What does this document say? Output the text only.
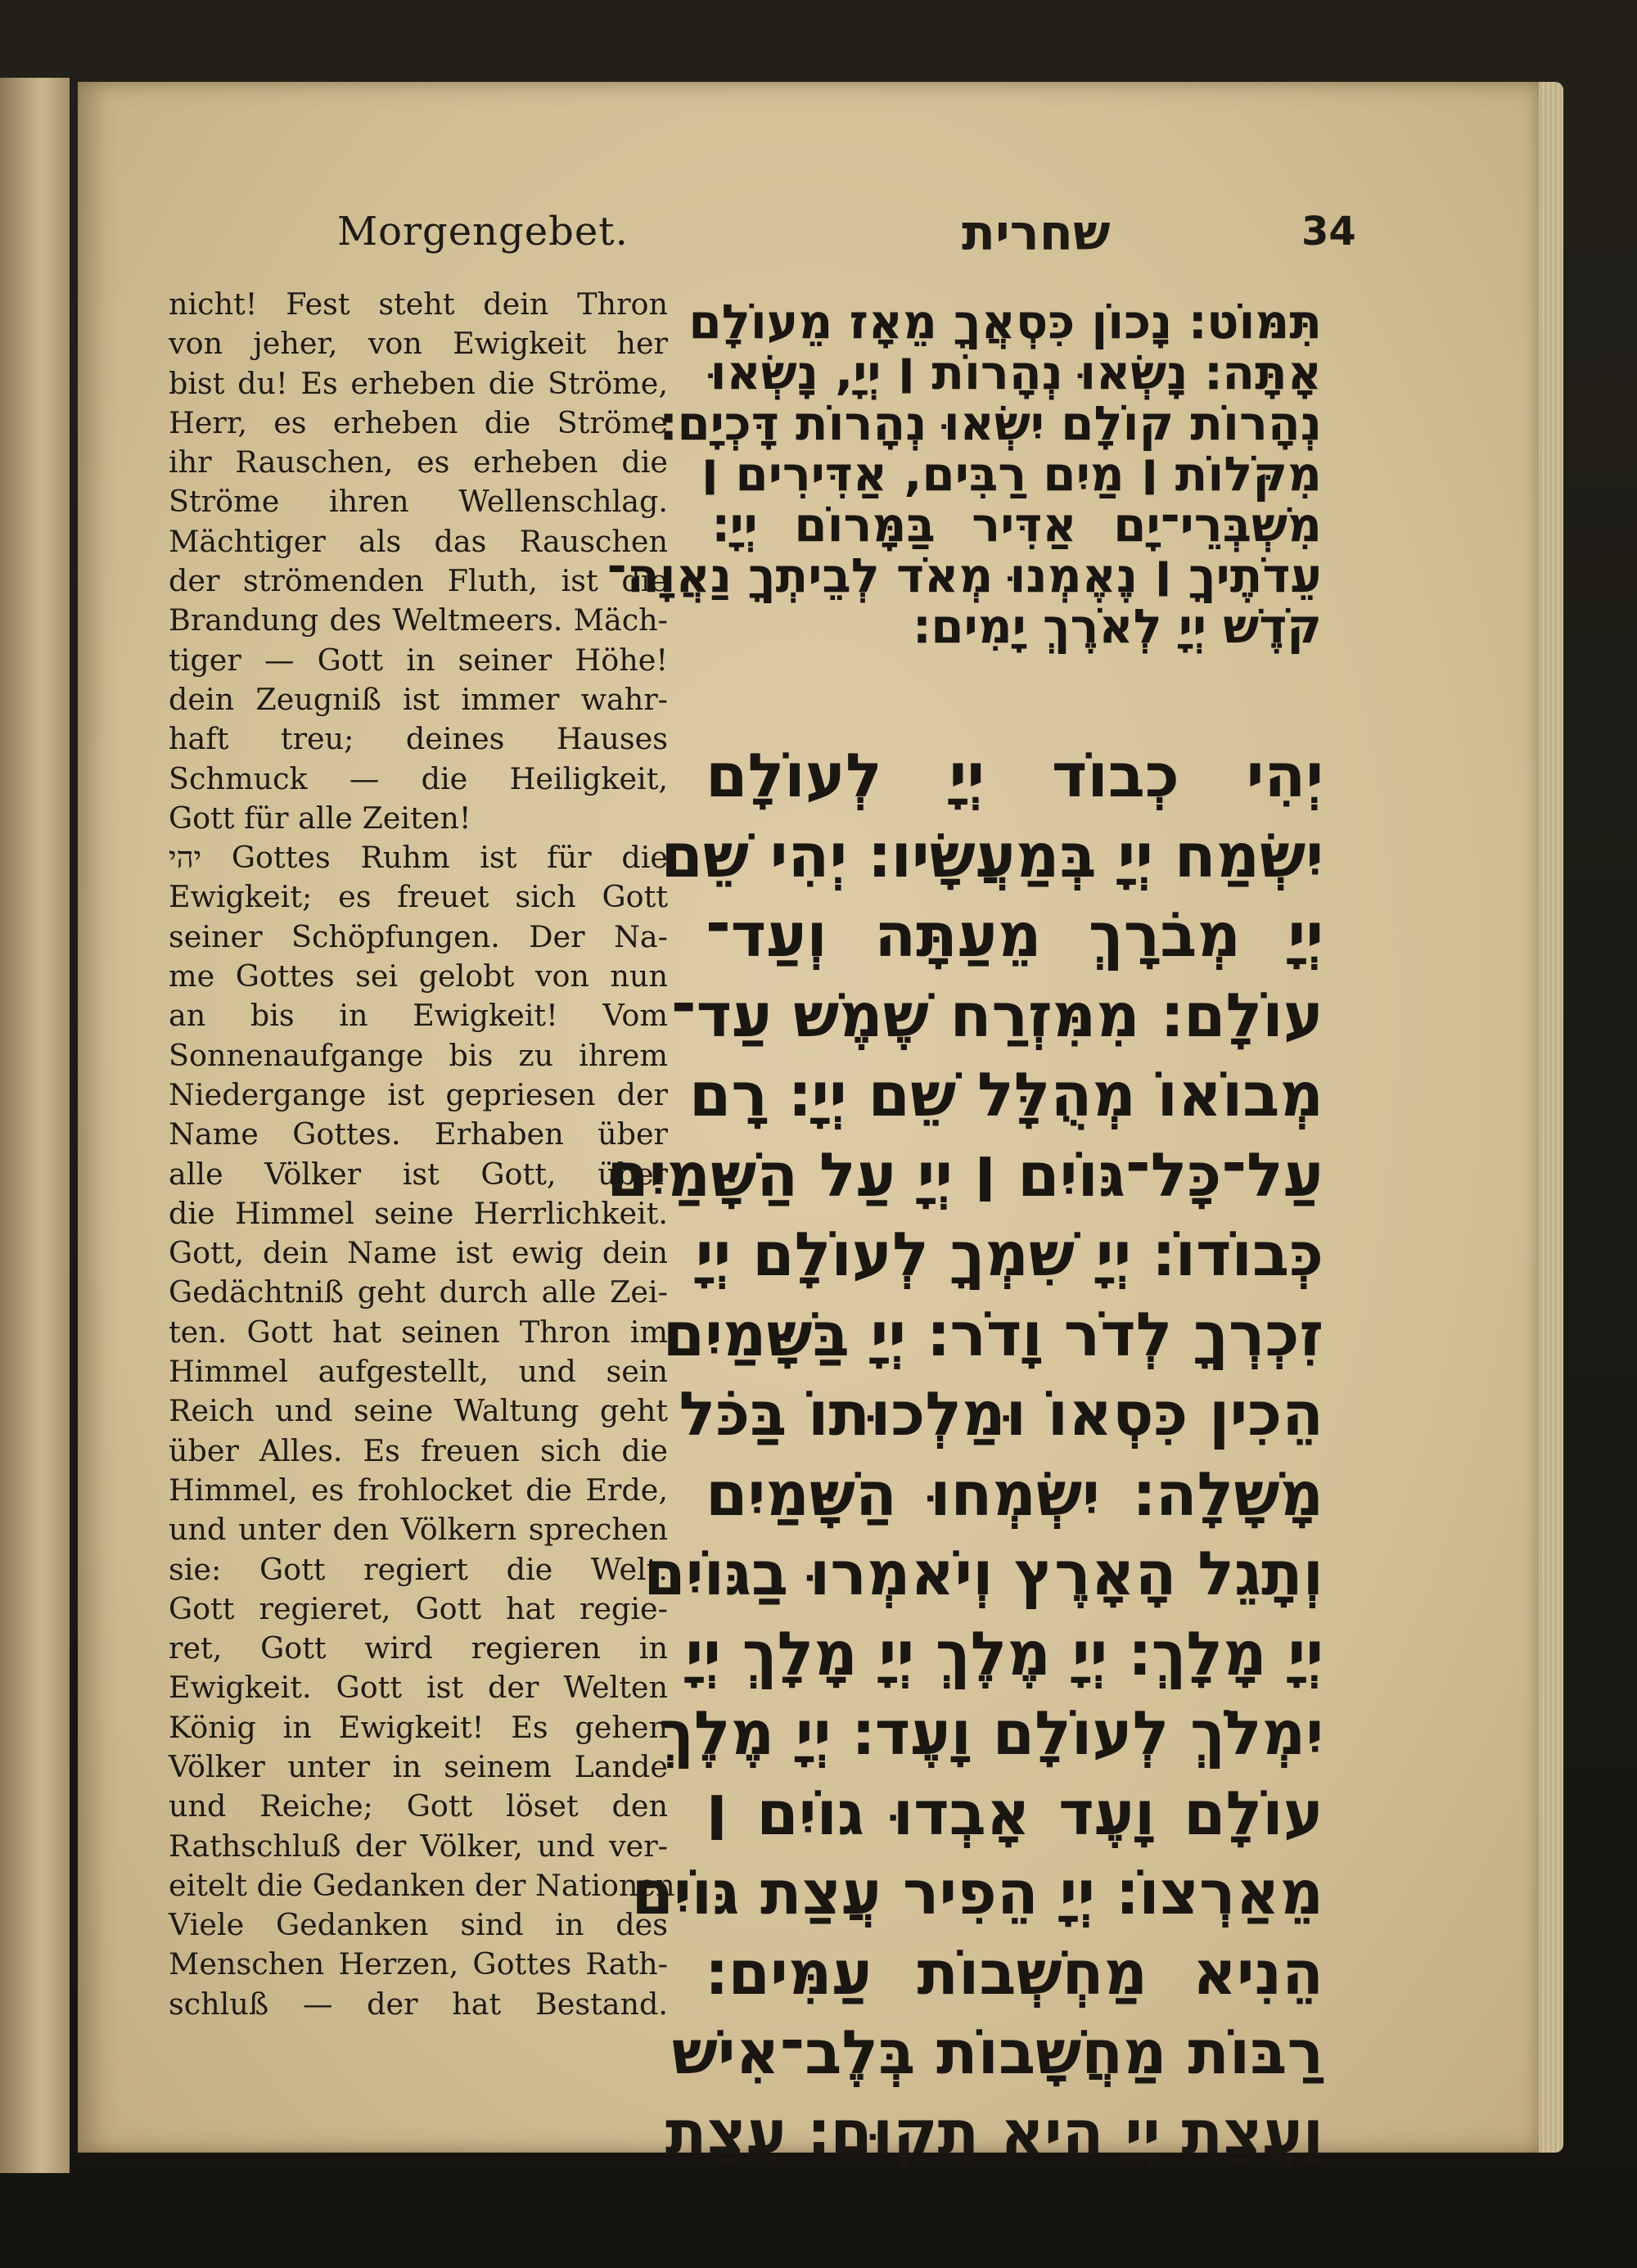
Morgengebet.	שחרית	34
nicht! Fest steht dein Thron
von jeher, von Ewigkeit her
bist du! Es erheben die Ströme,
Herr, es erheben die Ströme
ihr Rauschen, es erheben die
Ströme ihren Wellenschlag.
Mächtiger als das Rauschen
der strömenden Fluth, ist die
Brandung des Weltmeers. Mäch-
tiger — Gott in seiner Höhe!
dein Zeugniß ist immer wahr-
haft treu; deines Hauses
Schmuck — die Heiligkeit,
Gott für alle Zeiten!
יהי Gottes Ruhm ist für die
Ewigkeit; es freuet sich Gott
seiner Schöpfungen. Der Na-
me Gottes sei gelobt von nun
an bis in Ewigkeit! Vom
Sonnenaufgange bis zu ihrem
Niedergange ist gepriesen der
Name Gottes. Erhaben über
alle Völker ist Gott, über
die Himmel seine Herrlichkeit.
Gott, dein Name ist ewig dein
Gedächtniß geht durch alle Zei-
ten. Gott hat seinen Thron im
Himmel aufgestellt, und sein
Reich und seine Waltung geht
über Alles. Es freuen sich die
Himmel, es frohlocket die Erde,
und unter den Völkern sprechen
sie: Gott regiert die Welt.
Gott regieret, Gott hat regie-
ret, Gott wird regieren in
Ewigkeit. Gott ist der Welten
König in Ewigkeit! Es gehen
Völker unter in seinem Lande
und Reiche; Gott löset den
Rathschluß der Völker, und ver-
eitelt die Gedanken der Nationen.
Viele Gedanken sind in des
Menschen Herzen, Gottes Rath-
schluß — der hat Bestand.
תִּמּוֹט׃ נָכוֹן כִּסְאֲךָ מֵאָז מֵעוֹלָם
אָתָּה׃ נָשְׂאוּ נְהָרוֹת ׀ יְיָ, נָשְׂאוּ
נְהָרוֹת קוֹלָם יִשְׂאוּ נְהָרוֹת דָּכְיָם׃
מִקֹּלוֹת ׀ מַיִם רַבִּים, אַדִּירִים ׀
מִשְׁבְּרֵי־יָם אַדִּיר בַּמָּרוֹם יְיָ׃
עֵדֹתֶיךָ ׀ נֶאֶמְנוּ מְאֹד לְבֵיתְךָ נַאֲוָה־
קֹדֶשׁ יְיָ לְאֹרֶךְ יָמִים׃
יְהִי כְבוֹד יְיָ לְעוֹלָם
יִשְׂמַח יְיָ בְּמַעֲשָׂיו׃ יְהִי שֵׁם
יְיָ מְבֹרָךְ מֵעַתָּה וְעַד־
עוֹלָם׃ מִמִּזְרַח שֶׁמֶשׁ עַד־
מְבוֹאוֹ מְהֻלָּל שֵׁם יְיָ׃ רָם
עַל־כָּל־גּוֹיִם ׀ יְיָ עַל הַשָּׁמַיִם
כְּבוֹדוֹ׃ יְיָ שִׁמְךָ לְעוֹלָם יְיָ
זִכְרְךָ לְדֹר וָדֹר׃ יְיָ בַּשָּׁמַיִם
הֵכִין כִּסְאוֹ וּמַלְכוּתוֹ בַּכֹּל
מָשָׁלָה׃ יִשְׂמְחוּ הַשָּׁמַיִם
וְתָגֵל הָאָרֶץ וְיֹאמְרוּ בַגּוֹיִם
יְיָ מָלָךְ׃ יְיָ מֶלֶךְ יְיָ מָלָךְ יְיָ
יִמְלֹךְ לְעוֹלָם וָעֶד׃ יְיָ מֶלֶךְ
עוֹלָם וָעֶד אָבְדוּ גוֹיִם ׀
מֵאַרְצוֹ׃ יְיָ הֵפִיר עֲצַת גּוֹיִם
הֵנִיא מַחְשְׁבוֹת עַמִּים׃
רַבּוֹת מַחֲשָׁבוֹת בְּלֶב־אִישׁ
וַעֲצַת יְיָ הִיא תָקוּם׃ עֲצַת
